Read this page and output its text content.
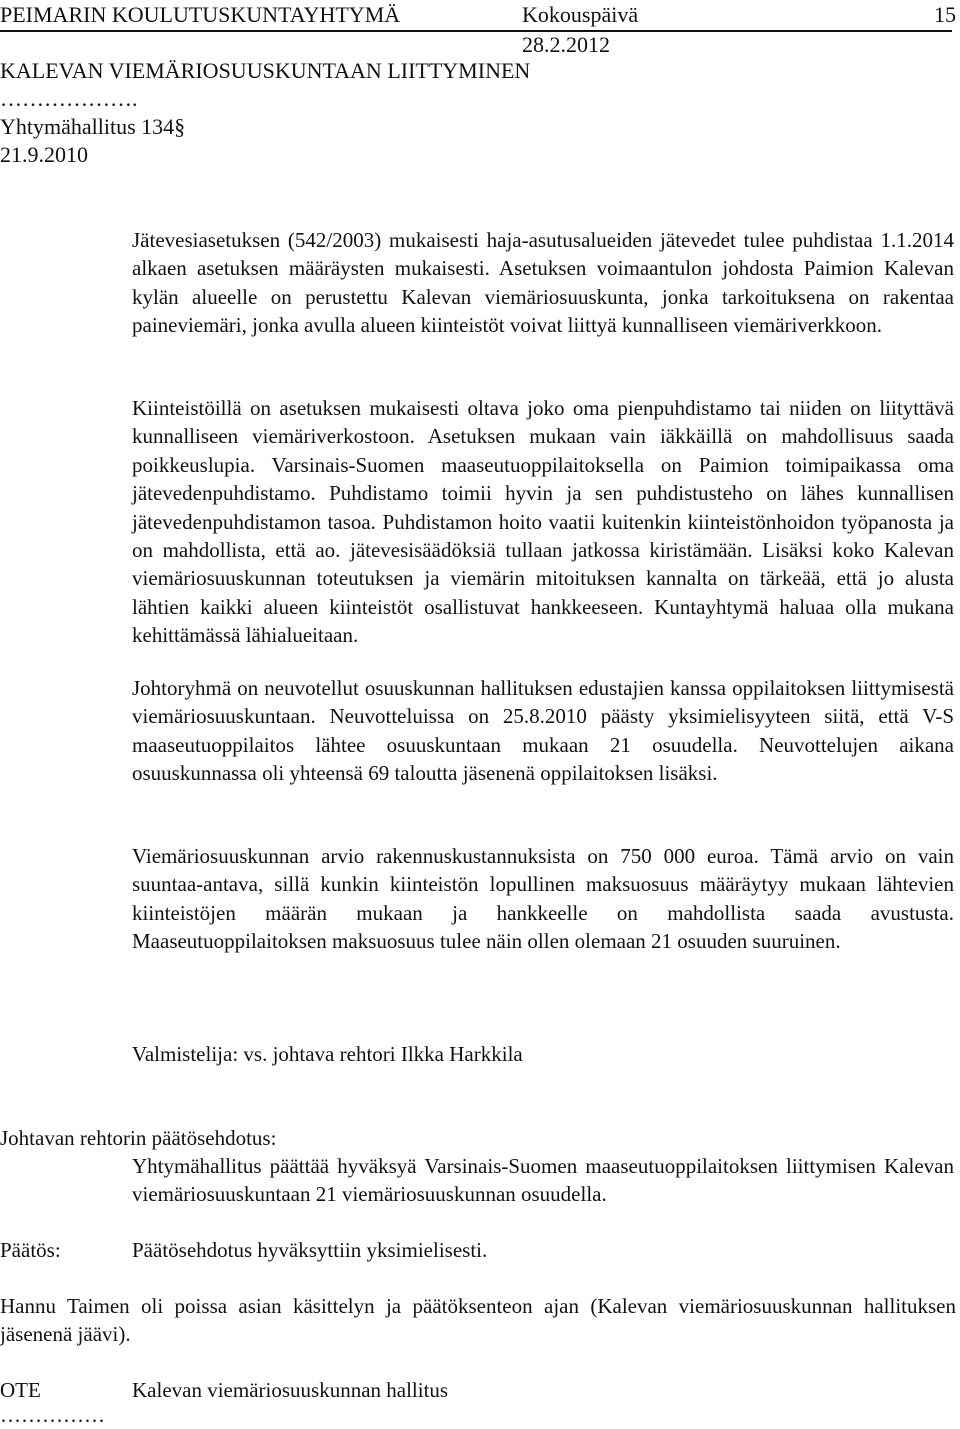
PEIMARIN KOULUTUSKUNTAYHTYMÄ	Kokouspäivä	15
28.2.2012
KALEVAN VIEMÄRIOSUUSKUNTAAN LIITTYMINEN
……………….
Yhtymähallitus 134§
21.9.2010

Jätevesiasetuksen (542/2003) mukaisesti haja-asutusalueiden jätevedet tulee puhdistaa 1.1.2014 alkaen asetuksen määräysten mukaisesti. Asetuksen voimaantulon johdosta Paimion Kalevan kylän alueelle on perustettu Kalevan viemäriosuuskunta, jonka tarkoituksena on rakentaa paineviemäri, jonka avulla alueen kiinteistöt voivat liittyä kunnalliseen viemäriverkkoon.

Kiinteistöillä on asetuksen mukaisesti oltava joko oma pienpuhdistamo tai niiden on liityttävä kunnalliseen viemäriverkostoon. Asetuksen mukaan vain iäkkäillä on mahdollisuus saada poikkeuslupia. Varsinais-Suomen maaseutuoppilaitoksella on Paimion toimipaikassa oma jätevedenpuhdistamo. Puhdistamo toimii hyvin ja sen puhdistusteho on lähes kunnallisen jätevedenpuhdistamon tasoa. Puhdistamon hoito vaatii kuitenkin kiinteistönhoidon työpanosta ja on mahdollista, että ao. jätevesisäädöksiä tullaan jatkossa kiristämään. Lisäksi koko Kalevan viemäriosuuskunnan toteutuksen ja viemärin mitoituksen kannalta on tärkeää, että jo alusta lähtien kaikki alueen kiinteistöt osallistuvat hankkeeseen. Kuntayhtymä haluaa olla mukana kehittämässä lähialueitaan.

Johtoryhmä on neuvotellut osuuskunnan hallituksen edustajien kanssa oppilaitoksen liittymisestä viemäriosuuskuntaan. Neuvotteluissa on 25.8.2010 päästy yksimielisyyteen siitä, että V-S maaseutuoppilaitos lähtee osuuskuntaan mukaan 21 osuudella. Neuvottelujen aikana osuuskunnassa oli yhteensä 69 taloutta jäsenenä oppilaitoksen lisäksi.

Viemäriosuuskunnan arvio rakennuskustannuksista on 750 000 euroa. Tämä arvio on vain suuntaa-antava, sillä kunkin kiinteistön lopullinen maksuosuus määräytyy mukaan lähtevien kiinteistöjen määrän mukaan ja hankkeelle on mahdollista saada avustusta. Maaseutuoppilaitoksen maksuosuus tulee näin ollen olemaan 21 osuuden suuruinen.

Valmistelija: vs. johtava rehtori Ilkka Harkkila
Johtavan rehtorin päätösehdotus:

Yhtymähallitus päättää hyväksyä Varsinais-Suomen maaseutuoppilaitoksen liittymisen Kalevan viemäriosuuskuntaan 21 viemäriosuuskunnan osuudella.

Päätös:	Päätösehdotus hyväksyttiin yksimielisesti.
Hannu Taimen oli poissa asian käsittelyn ja päätöksenteon ajan (Kalevan viemäriosuuskunnan hallituksen jäsenenä jäävi).
OTE	Kalevan viemäriosuuskunnan hallitus
……………
